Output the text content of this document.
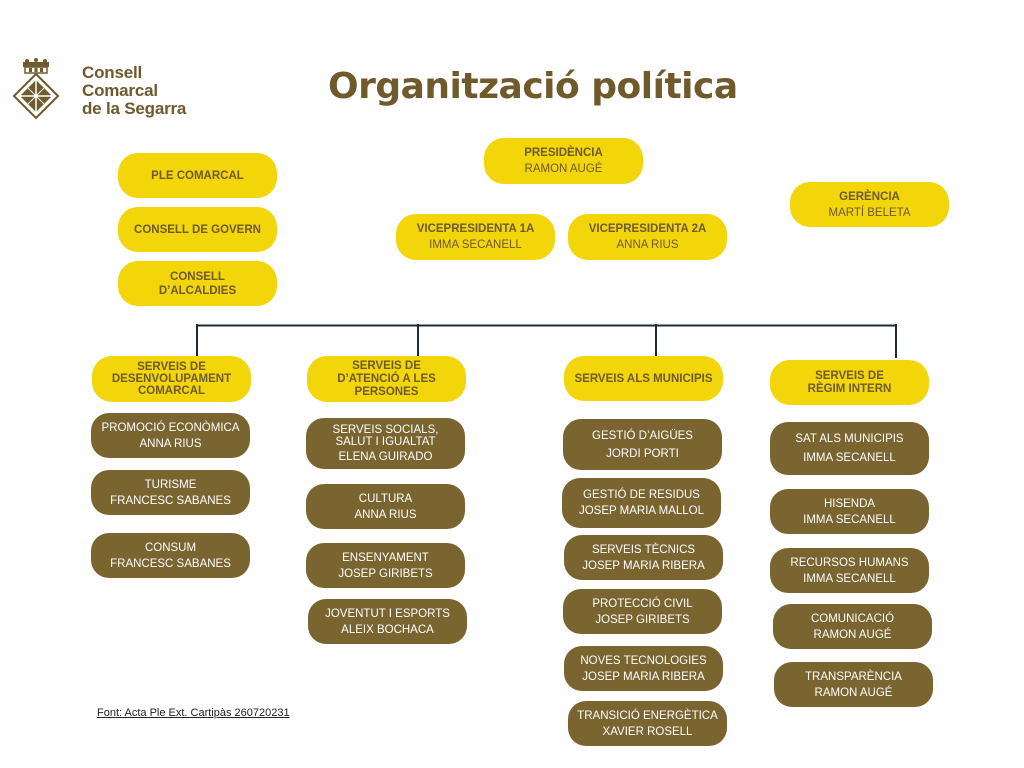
Consell
Comarcal
de la Segarra
Organització política
PLE COMARCAL
CONSELL DE GOVERN
CONSELL D’ALCALDIES
PRESIDÈNCIA
RAMON AUGÉ
VICEPRESIDENTA 1A
IMMA SECANELL
VICEPRESIDENTA 2A
ANNA RIUS
GERÈNCIA
MARTÍ BELETA
SERVEIS DE DESENVOLUPAMENT COMARCAL
SERVEIS DE D’ATENCIÓ A LES PERSONES
SERVEIS ALS MUNICIPIS	SERVEIS DE RÈGIM INTERN
PROMOCIÓ ECONÒMICA
ANNA RIUS
TURISME
FRANCESC SABANES
CONSUM
FRANCESC SABANES
SERVEIS SOCIALS, SALUT I IGUALTAT
ELENA GUIRADO
CULTURA
ANNA RIUS
ENSENYAMENT
JOSEP GIRIBETS
JOVENTUT I ESPORTS
ALEIX BOCHACA
GESTIÓ D’AIGÜES
JORDI PORTI
GESTIÓ DE RESIDUS
JOSEP MARIA MALLOL
SERVEIS TÈCNICS
JOSEP MARIA RIBERA
PROTECCIÓ CIVIL
JOSEP GIRIBETS
NOVES TECNOLOGIES
JOSEP MARIA RIBERA
TRANSICIÓ ENERGÈTICA
XAVIER ROSELL
SAT ALS MUNICIPIS
IMMA SECANELL
HISENDA
IMMA SECANELL
RECURSOS HUMANS
IMMA SECANELL
COMUNICACIÓ
RAMON AUGÉ
TRANSPARÈNCIA
RAMON AUGÉ
Font: Acta Ple Ext. Cartipàs 260720231
